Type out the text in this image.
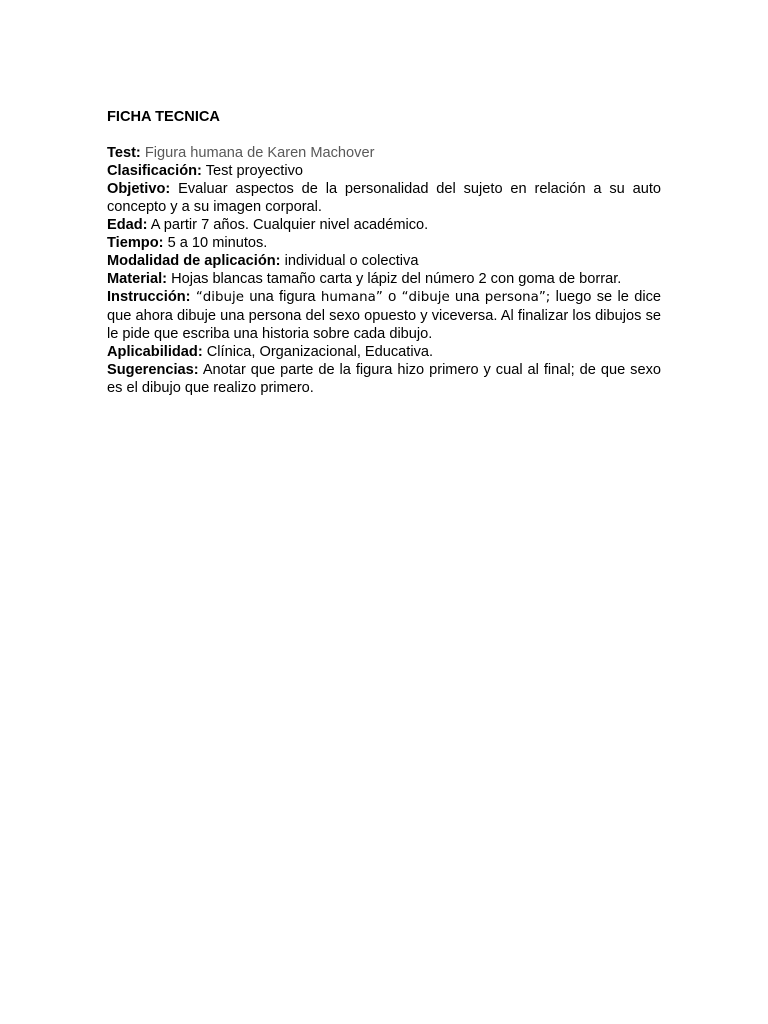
FICHA TECNICA

Test: Figura humana de Karen Machover

Clasificación: Test proyectivo

Objetivo: Evaluar aspectos de la personalidad del sujeto en relación a su auto concepto y a su imagen corporal.

Edad: A partir 7 años. Cualquier nivel académico.

Tiempo: 5 a 10 minutos.

Modalidad de aplicación: individual o colectiva

Material: Hojas blancas tamaño carta y lápiz del número 2 con goma de borrar.

Instrucción: “dibuje una figura humana” o “dibuje una persona”; luego se le dice que ahora dibuje una persona del sexo opuesto y viceversa. Al finalizar los dibujos se le pide que escriba una historia sobre cada dibujo.

Aplicabilidad: Clínica, Organizacional, Educativa.

Sugerencias: Anotar que parte de la figura hizo primero y cual al final; de que sexo es el dibujo que realizo primero.
